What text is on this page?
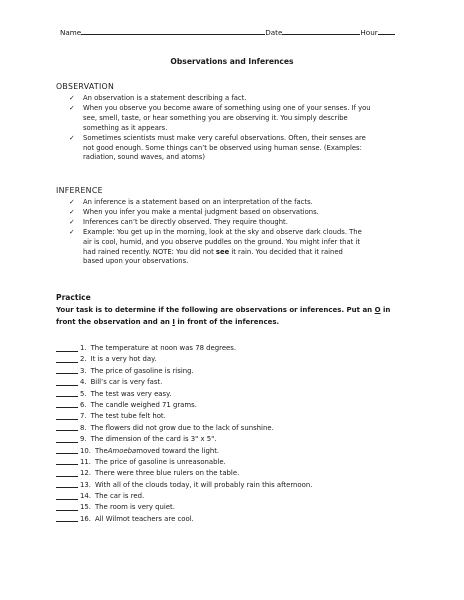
Name	Date	Hour
Observations and Inferences
OBSERVATION
✓	An observation is a statement describing a fact.
✓	When you observe you become aware of something using one of your senses. If you
see, smell, taste, or hear something you are observing it. You simply describe
something as it appears.
✓	Sometimes scientists must make very careful observations. Often, their senses are
not good enough. Some things can’t be observed using human sense. (Examples:
radiation, sound waves, and atoms)
INFERENCE
✓	An inference is a statement based on an interpretation of the facts.
✓	When you infer you make a mental judgment based on observations.
✓	Inferences can’t be directly observed. They require thought.
✓	Example: You get up in the morning, look at the sky and observe dark clouds. The
air is cool, humid, and you observe puddles on the ground. You might infer that it
had rained recently. NOTE: You did not see it rain. You decided that it rained
based upon your observations.
Practice
Your task is to determine if the following are observations or inferences. Put an O in
front the observation and an I in front of the inferences.
1. The temperature at noon was 78 degrees.
2. It is a very hot day.
3. The price of gasoline is rising.
4. Bill’s car is very fast.
5. The test was very easy.
6. The candle weighed 71 grams.
7. The test tube felt hot.
8. The flowers did not grow due to the lack of sunshine.
9. The dimension of the card is 3" x 5".
10. The Amoeba moved toward the light.
11. The price of gasoline is unreasonable.
12. There were three blue rulers on the table.
13. With all of the clouds today, it will probably rain this afternoon.
14. The car is red.
15. The room is very quiet.
16. All Wilmot teachers are cool.
